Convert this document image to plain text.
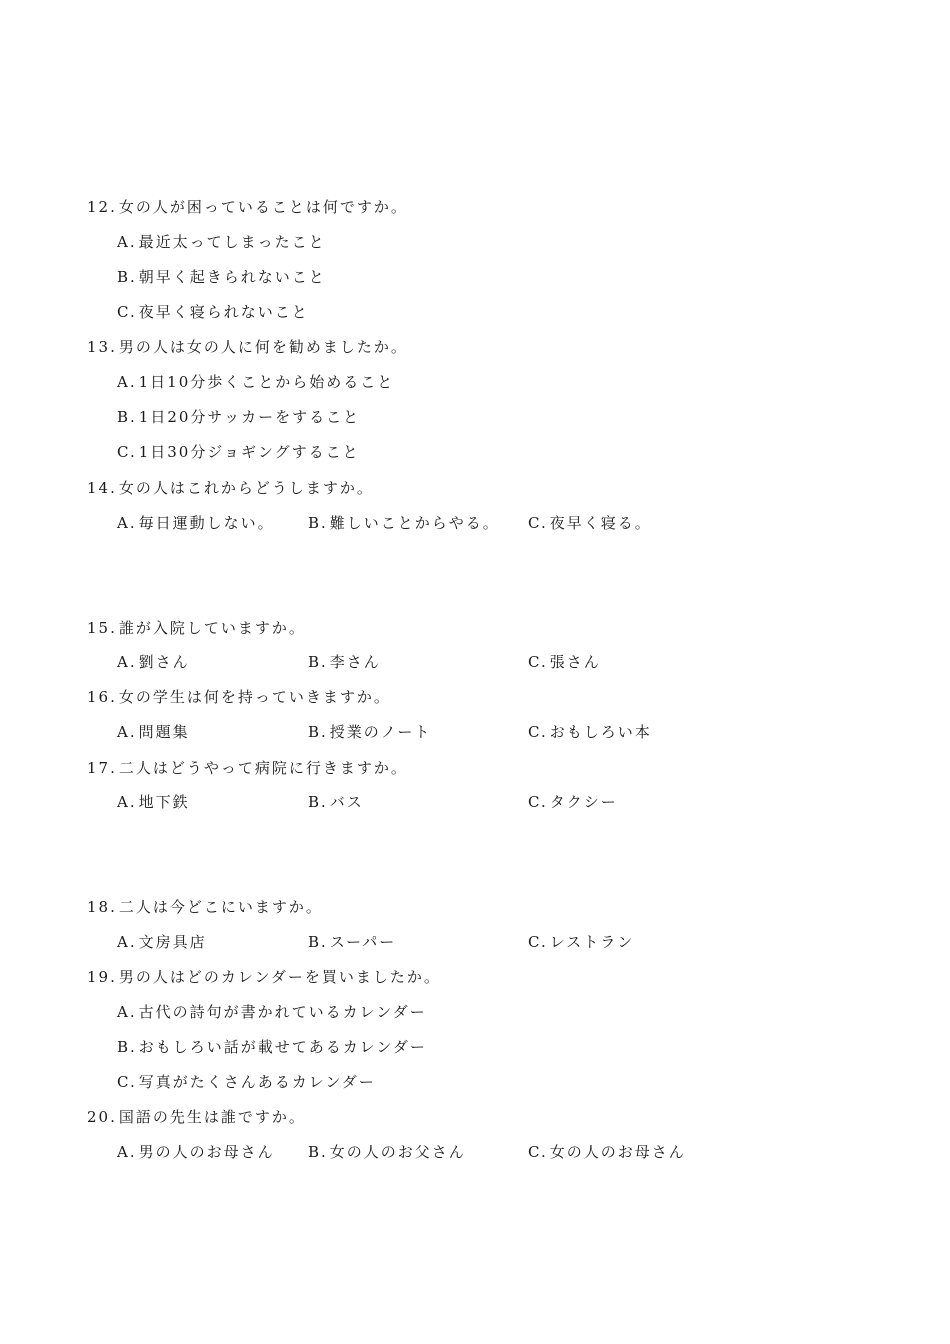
12. 女の人が困っていることは何ですか。
A. 最近太ってしまったこと
B. 朝早く起きられないこと
C. 夜早く寝られないこと
13. 男の人は女の人に何を勧めましたか。
A. 1日10分歩くことから始めること
B. 1日20分サッカーをすること
C. 1日30分ジョギングすること
14. 女の人はこれからどうしますか。
A. 毎日運動しない。 B. 難しいことからやる。 C. 夜早く寝る。
15. 誰が入院していますか。
A. 劉さん	B. 李さん	C. 張さん
16. 女の学生は何を持っていきますか。
A. 問題集	B. 授業のノート	C. おもしろい本
17. 二人はどうやって病院に行きますか。
A. 地下鉄	B. バス	C. タクシー
18. 二人は今どこにいますか。
A. 文房具店	B. スーパー	C. レストラン
19. 男の人はどのカレンダーを買いましたか。
A. 古代の詩句が書かれているカレンダー
B. おもしろい話が載せてあるカレンダー
C. 写真がたくさんあるカレンダー
20. 国語の先生は誰ですか。
A. 男の人のお母さん B. 女の人のお父さん	C. 女の人のお母さん
